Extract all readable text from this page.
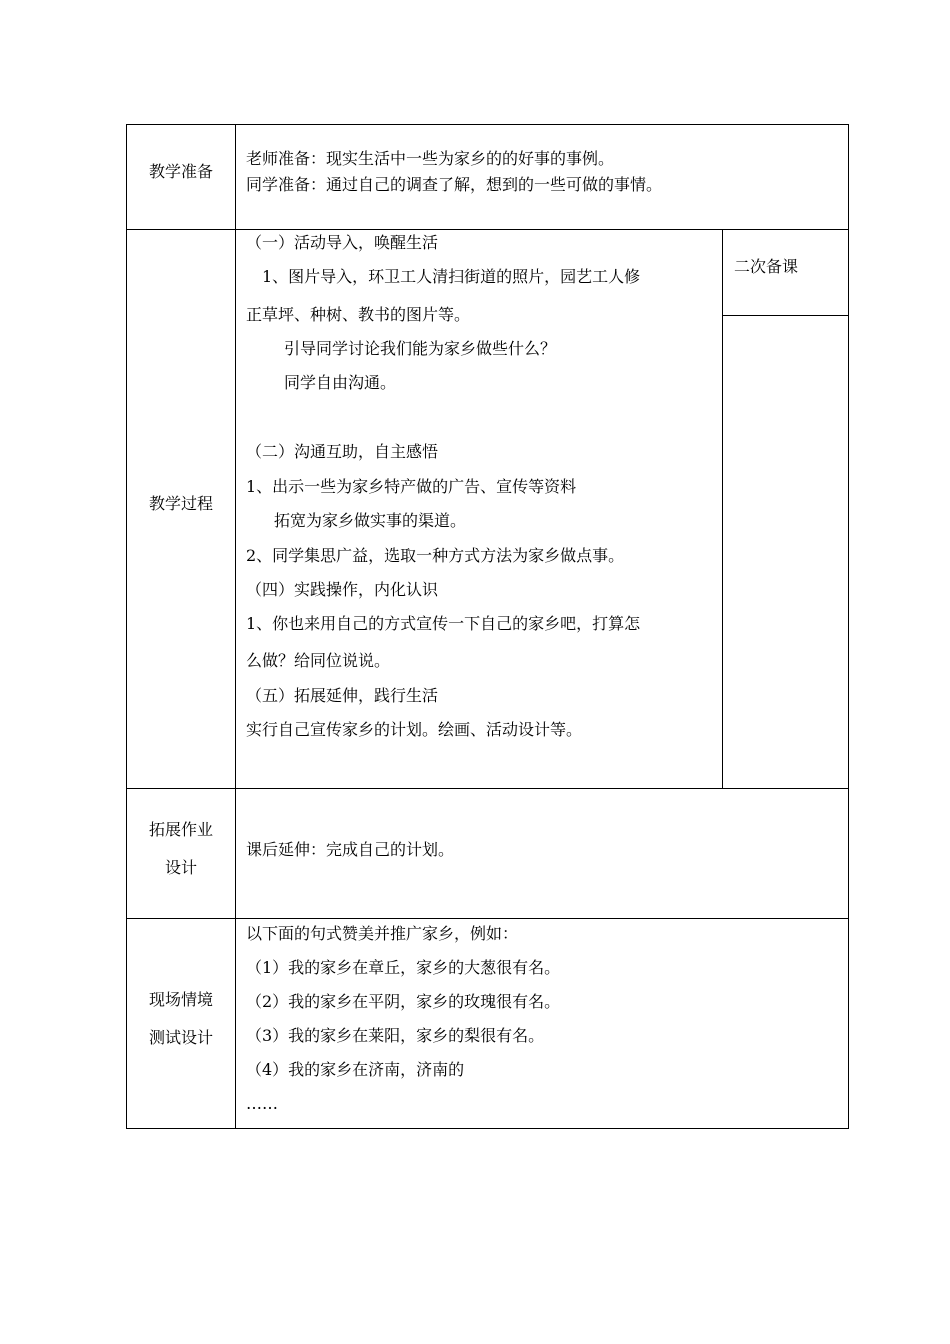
教学准备
老师准备：现实生活中一些为家乡的的好事的事例。
同学准备：通过自己的调查了解，想到的一些可做的事情。
教学过程
二次备课
（一）活动导入，唤醒生活
1、图片导入，环卫工人清扫街道的照片，园艺工人修
正草坪、种树、教书的图片等。
引导同学讨论我们能为家乡做些什么？
同学自由沟通。
（二）沟通互助，自主感悟
1、出示一些为家乡特产做的广告、宣传等资料
拓宽为家乡做实事的渠道。
2、同学集思广益，选取一种方式方法为家乡做点事。
（四）实践操作，内化认识
1、你也来用自己的方式宣传一下自己的家乡吧，打算怎
么做？给同位说说。
（五）拓展延伸，践行生活
实行自己宣传家乡的计划。绘画、活动设计等。
拓展作业
设计
课后延伸：完成自己的计划。
现场情境
测试设计
以下面的句式赞美并推广家乡，例如：
（1）我的家乡在章丘，家乡的大葱很有名。
（2）我的家乡在平阴，家乡的玫瑰很有名。
（3）我的家乡在莱阳，家乡的梨很有名。
（4）我的家乡在济南，济南的
……
